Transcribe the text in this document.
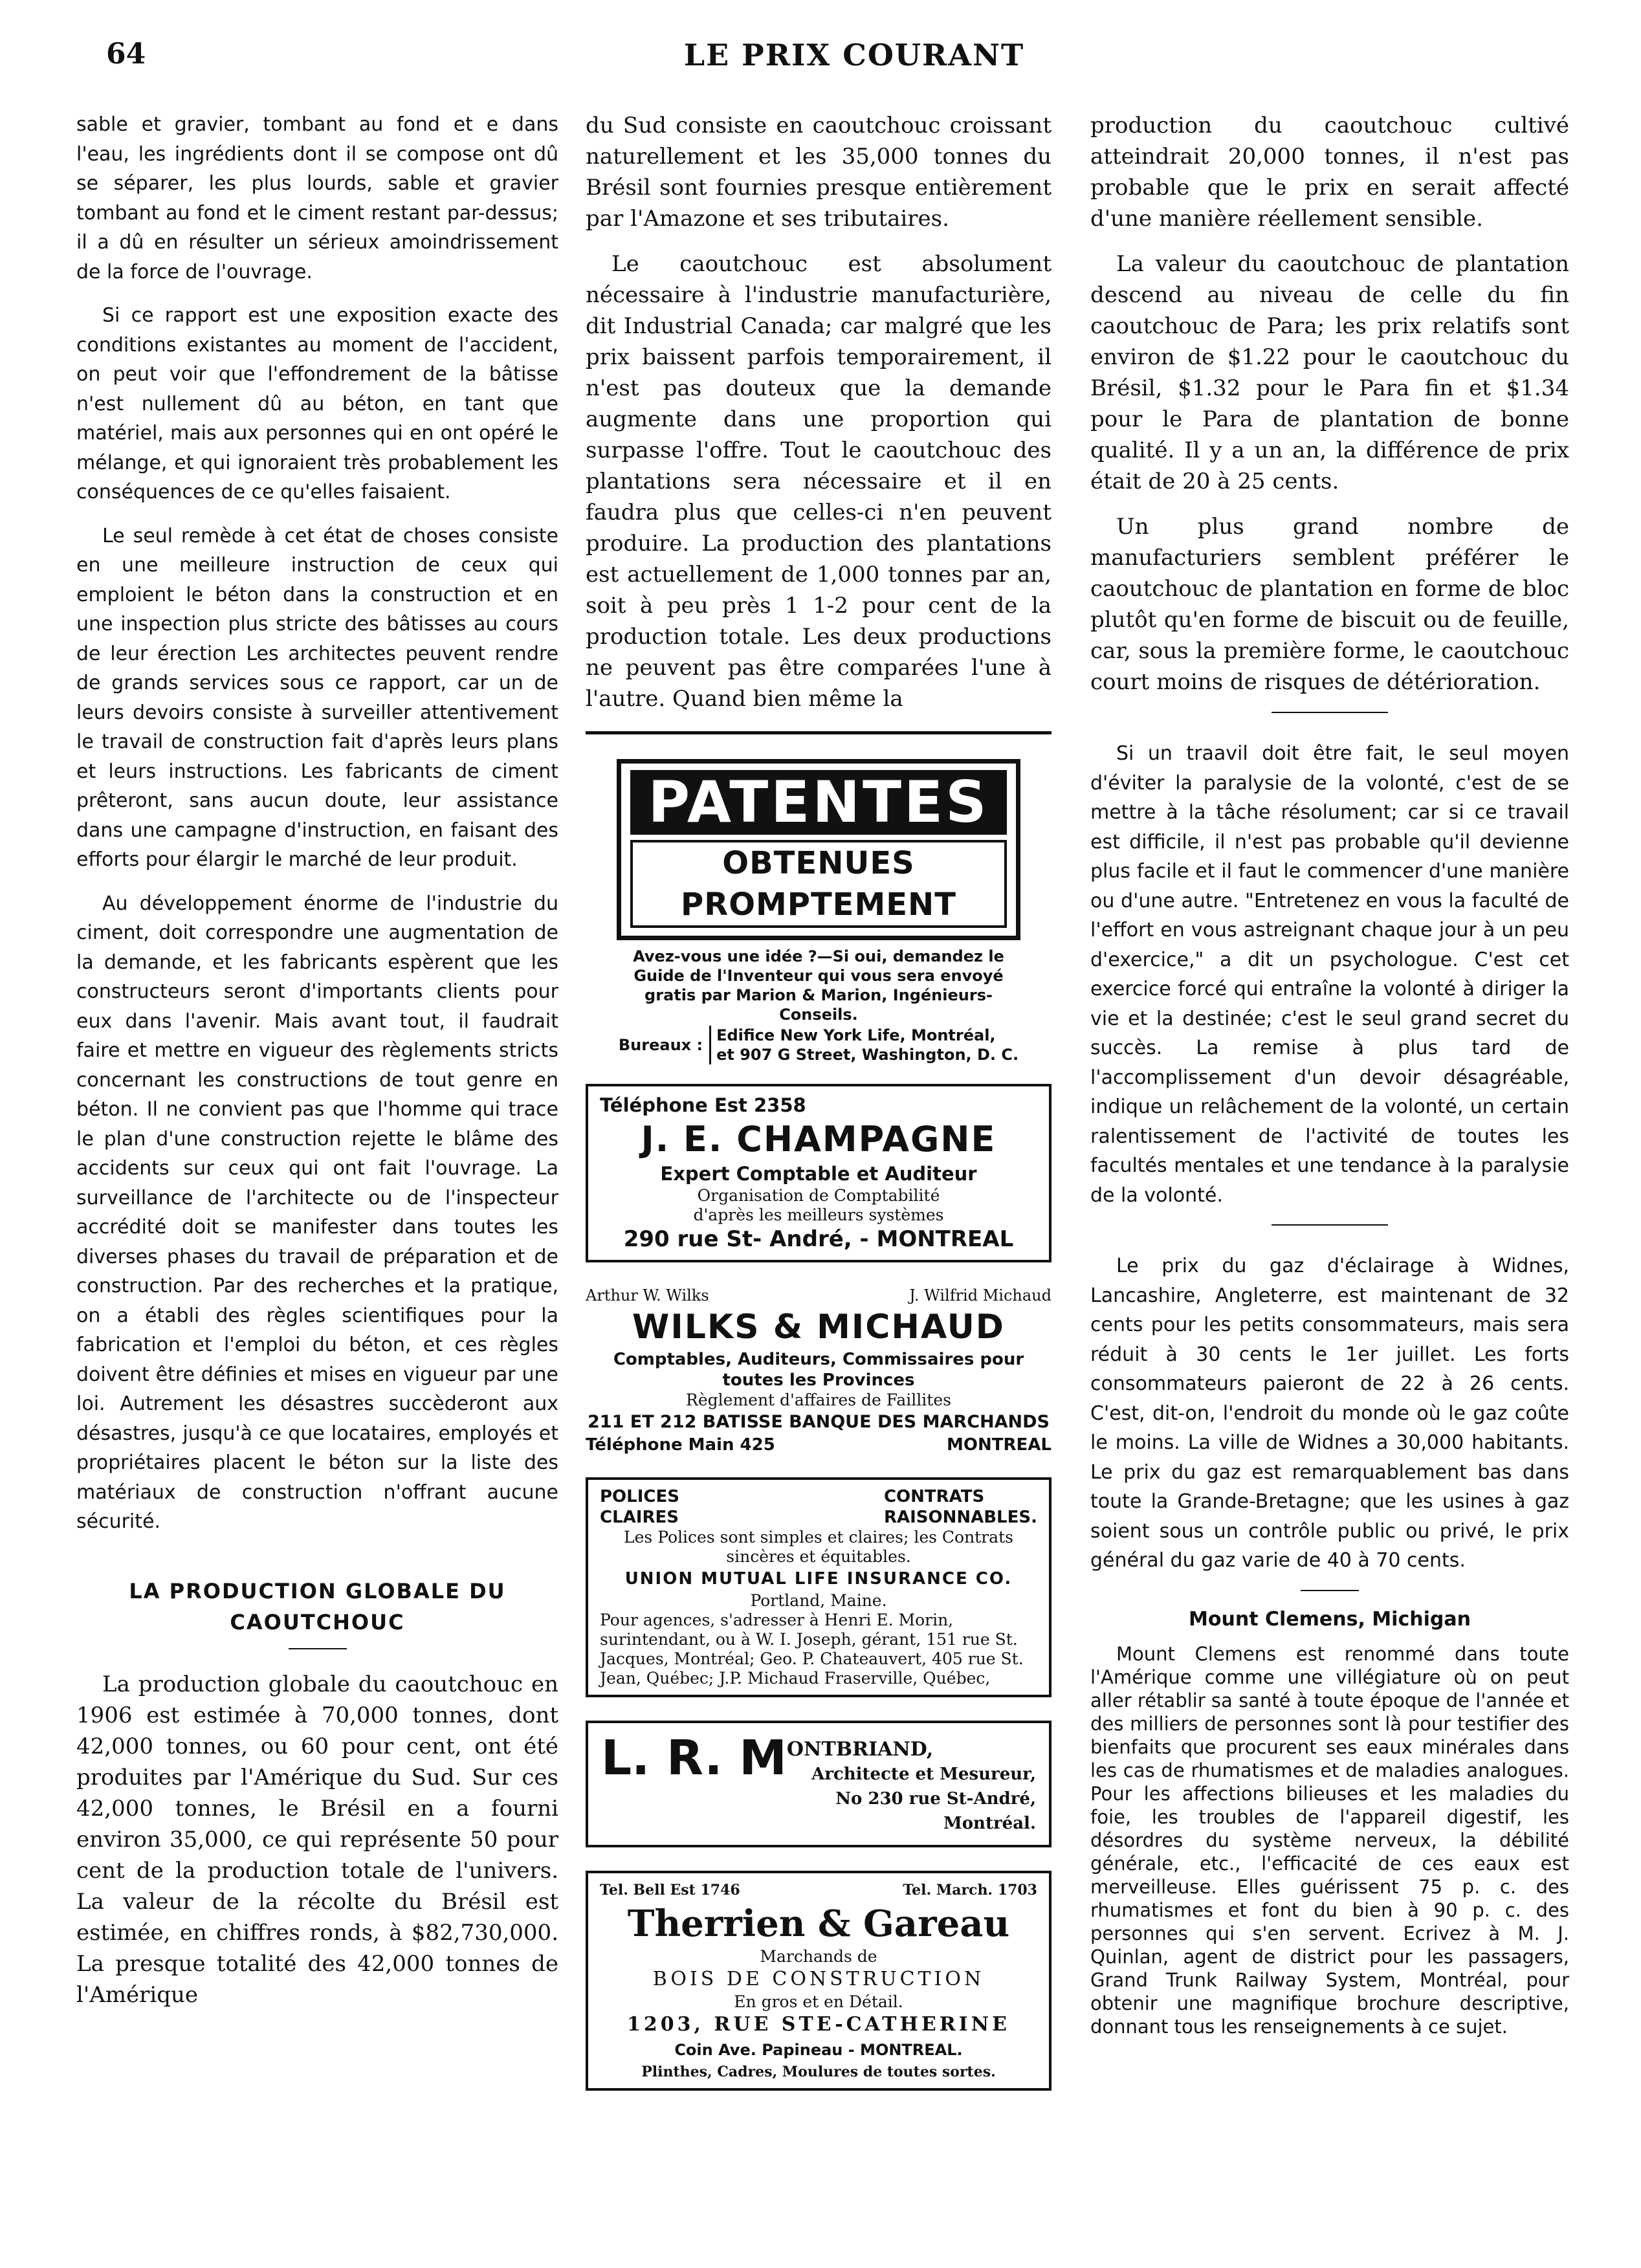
64	LE PRIX COURANT

sable et gravier, tombant au fond et e dans l'eau, les ingrédients dont il se compose ont dû se séparer, les plus lourds, sable et gravier tombant au fond et le ciment restant par-dessus; il a dû en résulter un sérieux amoindrissement de la force de l'ouvrage.

Si ce rapport est une exposition exacte des conditions existantes au moment de l'accident, on peut voir que l'effondrement de la bâtisse n'est nullement dû au béton, en tant que matériel, mais aux personnes qui en ont opéré le mélange, et qui ignoraient très probablement les conséquences de ce qu'elles faisaient.

Le seul remède à cet état de choses consiste en une meilleure instruction de ceux qui emploient le béton dans la construction et en une inspection plus stricte des bâtisses au cours de leur érection Les architectes peuvent rendre de grands services sous ce rapport, car un de leurs devoirs consiste à surveiller attentivement le travail de construction fait d'après leurs plans et leurs instructions. Les fabricants de ciment prêteront, sans aucun doute, leur assistance dans une campagne d'instruction, en faisant des efforts pour élargir le marché de leur produit.

Au développement énorme de l'industrie du ciment, doit correspondre une augmentation de la demande, et les fabricants espèrent que les constructeurs seront d'importants clients pour eux dans l'avenir. Mais avant tout, il faudrait faire et mettre en vigueur des règlements stricts concernant les constructions de tout genre en béton. Il ne convient pas que l'homme qui trace le plan d'une construction rejette le blâme des accidents sur ceux qui ont fait l'ouvrage. La surveillance de l'architecte ou de l'inspecteur accrédité doit se manifester dans toutes les diverses phases du travail de préparation et de construction. Par des recherches et la pratique, on a établi des règles scientifiques pour la fabrication et l'emploi du béton, et ces règles doivent être définies et mises en vigueur par une loi. Autrement les désastres succèderont aux désastres, jusqu'à ce que locataires, employés et propriétaires placent le béton sur la liste des matériaux de construction n'offrant aucune sécurité.

LA PRODUCTION GLOBALE DU CAOUTCHOUC

La production globale du caoutchouc en 1906 est estimée à 70,000 tonnes, dont 42,000 tonnes, ou 60 pour cent, ont été produites par l'Amérique du Sud. Sur ces 42,000 tonnes, le Brésil en a fourni environ 35,000, ce qui représente 50 pour cent de la production totale de l'univers. La valeur de la récolte du Brésil est estimée, en chiffres ronds, à $82,730,000. La presque totalité des 42,000 tonnes de l'Amérique

du Sud consiste en caoutchouc croissant naturellement et les 35,000 tonnes du Brésil sont fournies presque entièrement par l'Amazone et ses tributaires.

Le caoutchouc est absolument nécessaire à l'industrie manufacturière, dit Industrial Canada; car malgré que les prix baissent parfois temporairement, il n'est pas douteux que la demande augmente dans une proportion qui surpasse l'offre. Tout le caoutchouc des plantations sera nécessaire et il en faudra plus que celles-ci n'en peuvent produire. La production des plantations est actuellement de 1,000 tonnes par an, soit à peu près 1 1-2 pour cent de la production totale. Les deux productions ne peuvent pas être comparées l'une à l'autre. Quand bien même la

PATENTES
OBTENUES PROMPTEMENT
Avez-vous une idée ?—Si oui, demandez le Guide de l'Inventeur qui vous sera envoyé gratis par Marion & Marion, Ingénieurs-Conseils.
Bureaux :
Edifice New York Life, Montréal,
et 907 G Street, Washington, D. C.
Téléphone Est 2358
J. E. CHAMPAGNE
Expert Comptable et Auditeur
Organisation de Comptabilité
d'après les meilleurs systèmes
290 rue St- André, - MONTREAL
Arthur W. Wilks	J. Wilfrid Michaud
WILKS & MICHAUD
Comptables, Auditeurs, Commissaires pour toutes les Provinces
Règlement d'affaires de Faillites
211 ET 212 BATISSE BANQUE DES MARCHANDS
Téléphone Main 425	MONTREAL
POLICES
CLAIRES
CONTRATS
RAISONNABLES.
Les Polices sont simples et claires; les Contrats sincères et équitables.
UNION MUTUAL LIFE INSURANCE CO.
Portland, Maine.
Pour agences, s'adresser à Henri E. Morin, surintendant, ou à W. I. Joseph, gérant, 151 rue St. Jacques, Montréal; Geo. P. Chateauvert, 405 rue St. Jean, Québec; J.P. Michaud Fraserville, Québec,
L. R. M ONTBRIAND,
Architecte et Mesureur,
No 230 rue St-André,
Montréal.
Tel. Bell Est 1746	Tel. March. 1703
Therrien & Gareau
Marchands de
BOIS DE CONSTRUCTION
En gros et en Détail.
1203, RUE STE-CATHERINE
Coin Ave. Papineau - MONTREAL.
Plinthes, Cadres, Moulures de toutes sortes.

production du caoutchouc cultivé atteindrait 20,000 tonnes, il n'est pas probable que le prix en serait affecté d'une manière réellement sensible.

La valeur du caoutchouc de plantation descend au niveau de celle du fin caoutchouc de Para; les prix relatifs sont environ de $1.22 pour le caoutchouc du Brésil, $1.32 pour le Para fin et $1.34 pour le Para de plantation de bonne qualité. Il y a un an, la différence de prix était de 20 à 25 cents.

Un plus grand nombre de manufacturiers semblent préférer le caoutchouc de plantation en forme de bloc plutôt qu'en forme de biscuit ou de feuille, car, sous la première forme, le caoutchouc court moins de risques de détérioration.

Si un traavil doit être fait, le seul moyen d'éviter la paralysie de la volonté, c'est de se mettre à la tâche résolument; car si ce travail est difficile, il n'est pas probable qu'il devienne plus facile et il faut le commencer d'une manière ou d'une autre. "Entretenez en vous la faculté de l'effort en vous astreignant chaque jour à un peu d'exercice," a dit un psychologue. C'est cet exercice forcé qui entraîne la volonté à diriger la vie et la destinée; c'est le seul grand secret du succès. La remise à plus tard de l'accomplissement d'un devoir désagréable, indique un relâchement de la volonté, un certain ralentissement de l'activité de toutes les facultés mentales et une tendance à la paralysie de la volonté.

Le prix du gaz d'éclairage à Widnes, Lancashire, Angleterre, est maintenant de 32 cents pour les petits consommateurs, mais sera réduit à 30 cents le 1er juillet. Les forts consommateurs paieront de 22 à 26 cents. C'est, dit-on, l'endroit du monde où le gaz coûte le moins. La ville de Widnes a 30,000 habitants. Le prix du gaz est remarquablement bas dans toute la Grande-Bretagne; que les usines à gaz soient sous un contrôle public ou privé, le prix général du gaz varie de 40 à 70 cents.

Mount Clemens, Michigan

Mount Clemens est renommé dans toute l'Amérique comme une villégiature où on peut aller rétablir sa santé à toute époque de l'année et des milliers de personnes sont là pour testifier des bienfaits que procurent ses eaux minérales dans les cas de rhumatismes et de maladies analogues. Pour les affections bilieuses et les maladies du foie, les troubles de l'appareil digestif, les désordres du système nerveux, la débilité générale, etc., l'efficacité de ces eaux est merveilleuse. Elles guérissent 75 p. c. des rhumatismes et font du bien à 90 p. c. des personnes qui s'en servent. Ecrivez à M. J. Quinlan, agent de district pour les passagers, Grand Trunk Railway System, Montréal, pour obtenir une magnifique brochure descriptive, donnant tous les renseignements à ce sujet.
